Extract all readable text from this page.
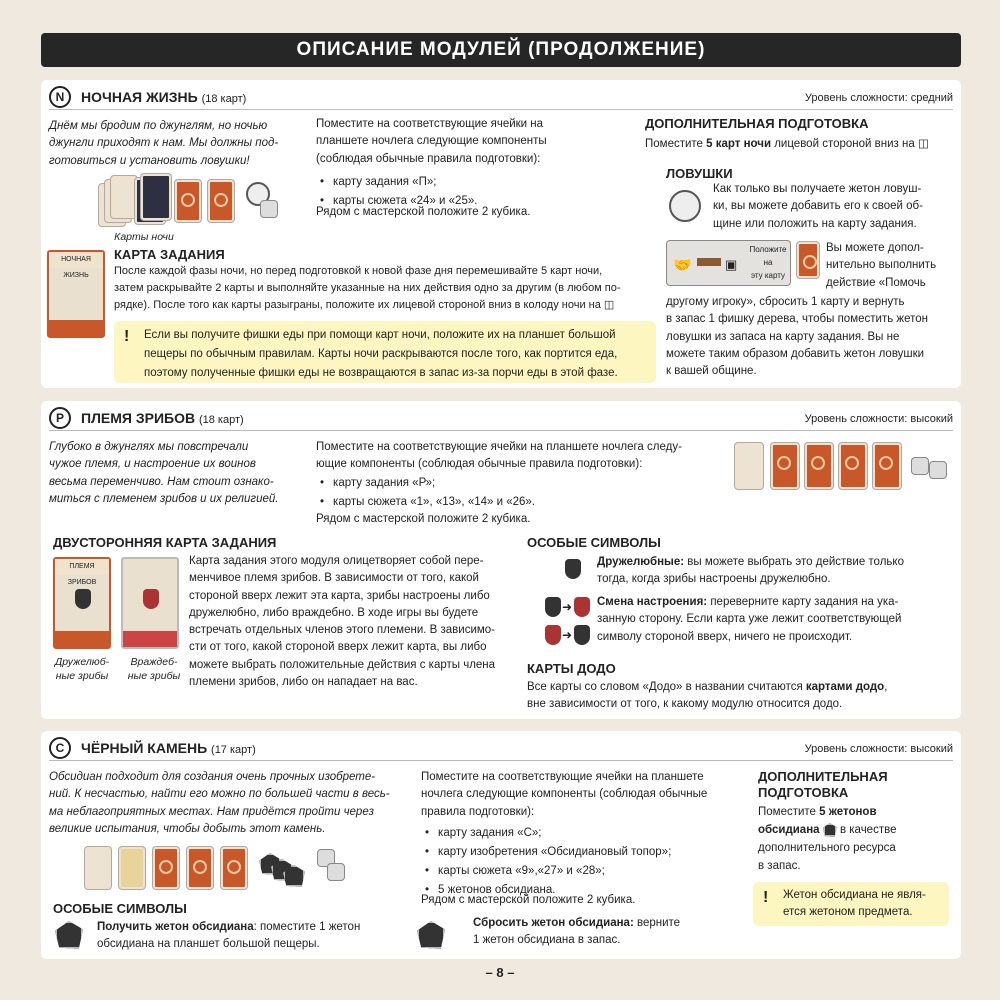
ОПИСАНИЕ МОДУЛЕЙ (ПРОДОЛЖЕНИЕ)
N	НОЧНАЯ ЖИЗНЬ (18 карт)	Уровень сложности: средний
Днём мы бродим по джунглям, но ночью
джунгли приходят к нам. Мы должны под-
готовиться и установить ловушки!
Карты ночи
НОЧНАЯ ЖИЗНЬ
КАРТА ЗАДАНИЯ
После каждой фазы ночи, но перед подготовкой к новой фазе дня перемешивайте 5 карт ночи,
затем раскрывайте 2 карты и выполняйте указанные на них действия одно за другим (в любом по-
рядке). После того как карты разыграны, положите их лицевой стороной вниз в колоду ночи на ◫
! Если вы получите фишки еды при помощи карт ночи, положите их на планшет большой
пещеры по обычным правилам. Карты ночи раскрываются после того, как портится еда,
поэтому полученные фишки еды не возвращаются в запас из-за порчи еды в этой фазе.
Поместите на соответствующие ячейки на
планшете ночлега следующие компоненты
(соблюдая обычные правила подготовки):
• карту задания «П»;
• карты сюжета «24» и «25».
Рядом с мастерской положите 2 кубика.
ДОПОЛНИТЕЛЬНАЯ ПОДГОТОВКА
Поместите 5 карт ночи лицевой стороной вниз на ◫
ЛОВУШКИ
Как только вы получаете жетон ловуш-
ки, вы можете добавить его к своей об-
щине или положить на карту задания.
🤝	▣
Положите
на
эту карту
Вы можете допол-
нительно выполнить
действие «Помочь
другому игроку», сбросить 1 карту и вернуть
в запас 1 фишку дерева, чтобы поместить жетон
ловушки из запаса на карту задания. Вы не
можете таким образом добавить жетон ловушки
к вашей общине.
P	ПЛЕМЯ ЗРИБОВ (18 карт)	Уровень сложности: высокий
Глубоко в джунглях мы повстречали
чужое племя, и настроение их воинов
весьма переменчиво. Нам стоит ознако-
миться с племенем зрибов и их религией.
Поместите на соответствующие ячейки на планшете ночлега следу-
ющие компоненты (соблюдая обычные правила подготовки):
• карту задания «Р»;
• карты сюжета «1», «13», «14» и «26».
Рядом с мастерской положите 2 кубика.
ДВУСТОРОННЯЯ КАРТА ЗАДАНИЯ
ПЛЕМЯ ЗРИБОВ
Дружелюб-
ные зрибы
Враждеб-
ные зрибы
Карта задания этого модуля олицетворяет собой пере-
менчивое племя зрибов. В зависимости от того, какой
стороной вверх лежит эта карта, зрибы настроены либо
дружелюбно, либо враждебно. В ходе игры вы будете
встречать отдельных членов этого племени. В зависимо-
сти от того, какой стороной вверх лежит карта, вы либо
можете выбрать положительные действия с карты члена
племени зрибов, либо он нападает на вас.
ОСОБЫЕ СИМВОЛЫ
Дружелюбные: вы можете выбрать это действие только
тогда, когда зрибы настроены дружелюбно.
➜
➜
Смена настроения: переверните карту задания на ука-
занную сторону. Если карта уже лежит соответствующей
символу стороной вверх, ничего не происходит.
КАРТЫ ДОДО
Все карты со словом «Додо» в названии считаются картами додо,
вне зависимости от того, к какому модулю относится додо.
C	ЧЁРНЫЙ КАМЕНЬ (17 карт)	Уровень сложности: высокий
Обсидиан подходит для создания очень прочных изобрете-
ний. К несчастью, найти его можно по большей части в весь-
ма неблагоприятных местах. Нам придётся пройти через
великие испытания, чтобы добыть этот камень.
ОСОБЫЕ СИМВОЛЫ
Получить жетон обсидиана: поместите 1 жетон
обсидиана на планшет большой пещеры.
Поместите на соответствующие ячейки на планшете
ночлега следующие компоненты (соблюдая обычные
правила подготовки):
• карту задания «С»;
• карту изобретения «Обсидиановый топор»;
• карты сюжета «9»,«27» и «28»;
• 5 жетонов обсидиана.
Рядом с мастерской положите 2 кубика.
Сбросить жетон обсидиана: верните
1 жетон обсидиана в запас.
ДОПОЛНИТЕЛЬНАЯ
ПОДГОТОВКА
Поместите 5 жетонов
обсидиана  в качестве
дополнительного ресурса
в запас.
! Жетон обсидиана не явля-
ется жетоном предмета.
– 8 –
